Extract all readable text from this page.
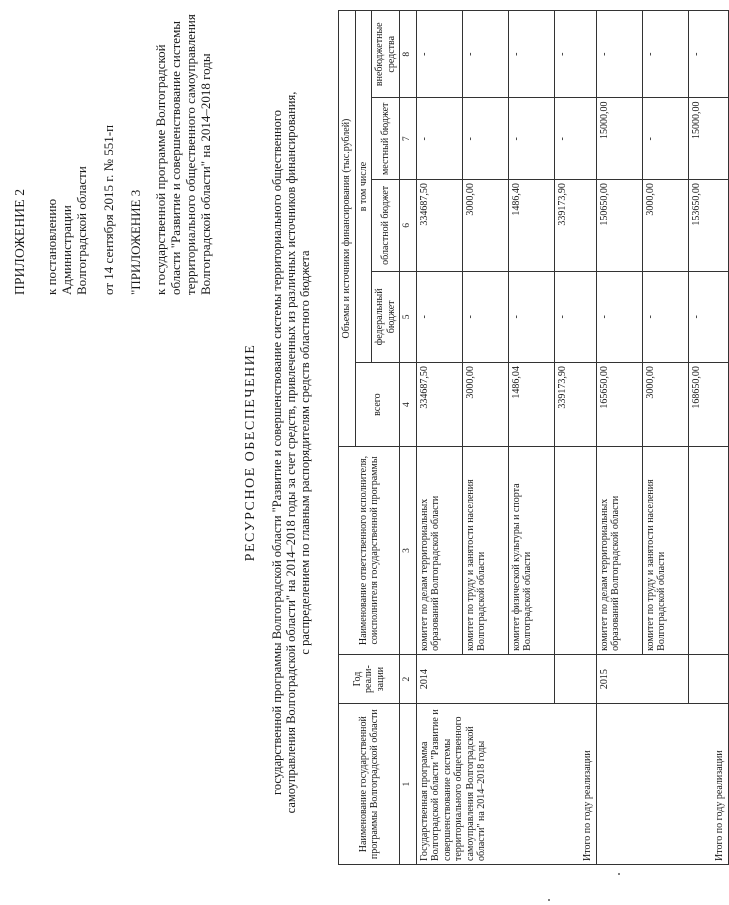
ПРИЛОЖЕНИЕ 2 к постановлению Администрации Волгоградской области от 14 сентября 2015 г. № 551-п "ПРИЛОЖЕНИЕ 3 к государственной программе Волгоградской области "Развитие и совершенствование системы территориального общественного самоуправления Волгоградской области" на 2014–2018 годы
РЕСУРСНОЕ ОБЕСПЕЧЕНИЕ государственной программы Волгоградской области "Развитие и совершенствование системы территориального общественного самоуправления Волгоградской области" на 2014–2018 годы за счет средств, привлеченных из различных источников финансирования, с распределением по главным распорядителям средств областного бюджета
Наименование государственной программы Волгоградской области	Год реали-зации	Наименование ответственного исполнителя, соисполнителя государственной программы	Объемы и источники финансирования (тыс.рублей)				
			всего	в том числе			
				федеральный бюджет	областной бюджет	местный бюджет	внебюджетные средства
1	2	3	4	5	6	7	8
Государственная программа Волгоградской области "Развитие и совершенствование системы территориального общественного самоуправления Волгоградской области" на 2014–2018 годы	2014	комитет по делам территориальных образований Волгоградской области	334687,50	-	334687,50	-	-
		комитет по труду и занятости населения Волгоградской области	3000,00	-	3000,00	-	-
		комитет физической культуры и спорта Волгоградской области	1486,04	-	1486,40	-	-
Итого по году реализации			339173,90	-	339173,90	-	-
	2015	комитет по делам территориальных образований Волгоградской области	165650,00	-	150650,00	15000,00	-
		комитет по труду и занятости населения Волгоградской области	3000,00	-	3000,00	-	-
Итого по году реализации			168650,00	-	153650,00	15000,00	-
